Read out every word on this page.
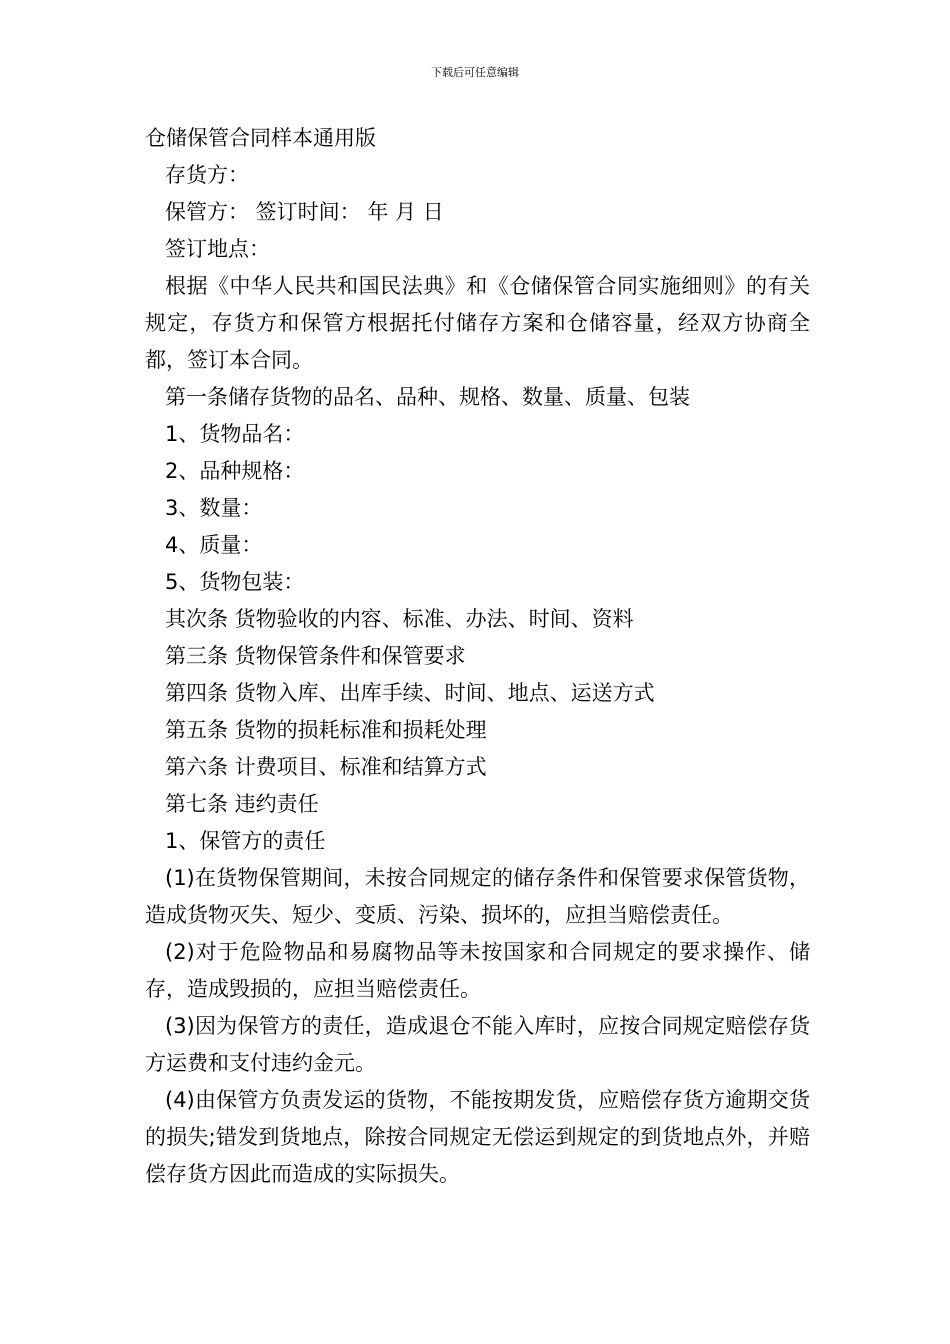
下载后可任意编辑
仓储保管合同样本通用版
存货方：
保管方： 签订时间： 年 月 日
签订地点：
根据《中华人民共和国民法典》和《仓储保管合同实施细则》的有关规定，存货方和保管方根据托付储存方案和仓储容量，经双方协商全都，签订本合同。
第一条储存货物的品名、品种、规格、数量、质量、包装
1、货物品名：
2、品种规格：
3、数量：
4、质量：
5、货物包装：
其次条 货物验收的内容、标准、办法、时间、资料
第三条 货物保管条件和保管要求
第四条 货物入库、出库手续、时间、地点、运送方式
第五条 货物的损耗标准和损耗处理
第六条 计费项目、标准和结算方式
第七条 违约责任
1、保管方的责任
(1)在货物保管期间，未按合同规定的储存条件和保管要求保管货物，造成货物灭失、短少、变质、污染、损坏的，应担当赔偿责任。
(2)对于危险物品和易腐物品等未按国家和合同规定的要求操作、储存，造成毁损的，应担当赔偿责任。
(3)因为保管方的责任，造成退仓不能入库时，应按合同规定赔偿存货方运费和支付违约金元。
(4)由保管方负责发运的货物，不能按期发货，应赔偿存货方逾期交货的损失;错发到货地点，除按合同规定无偿运到规定的到货地点外，并赔偿存货方因此而造成的实际损失。
